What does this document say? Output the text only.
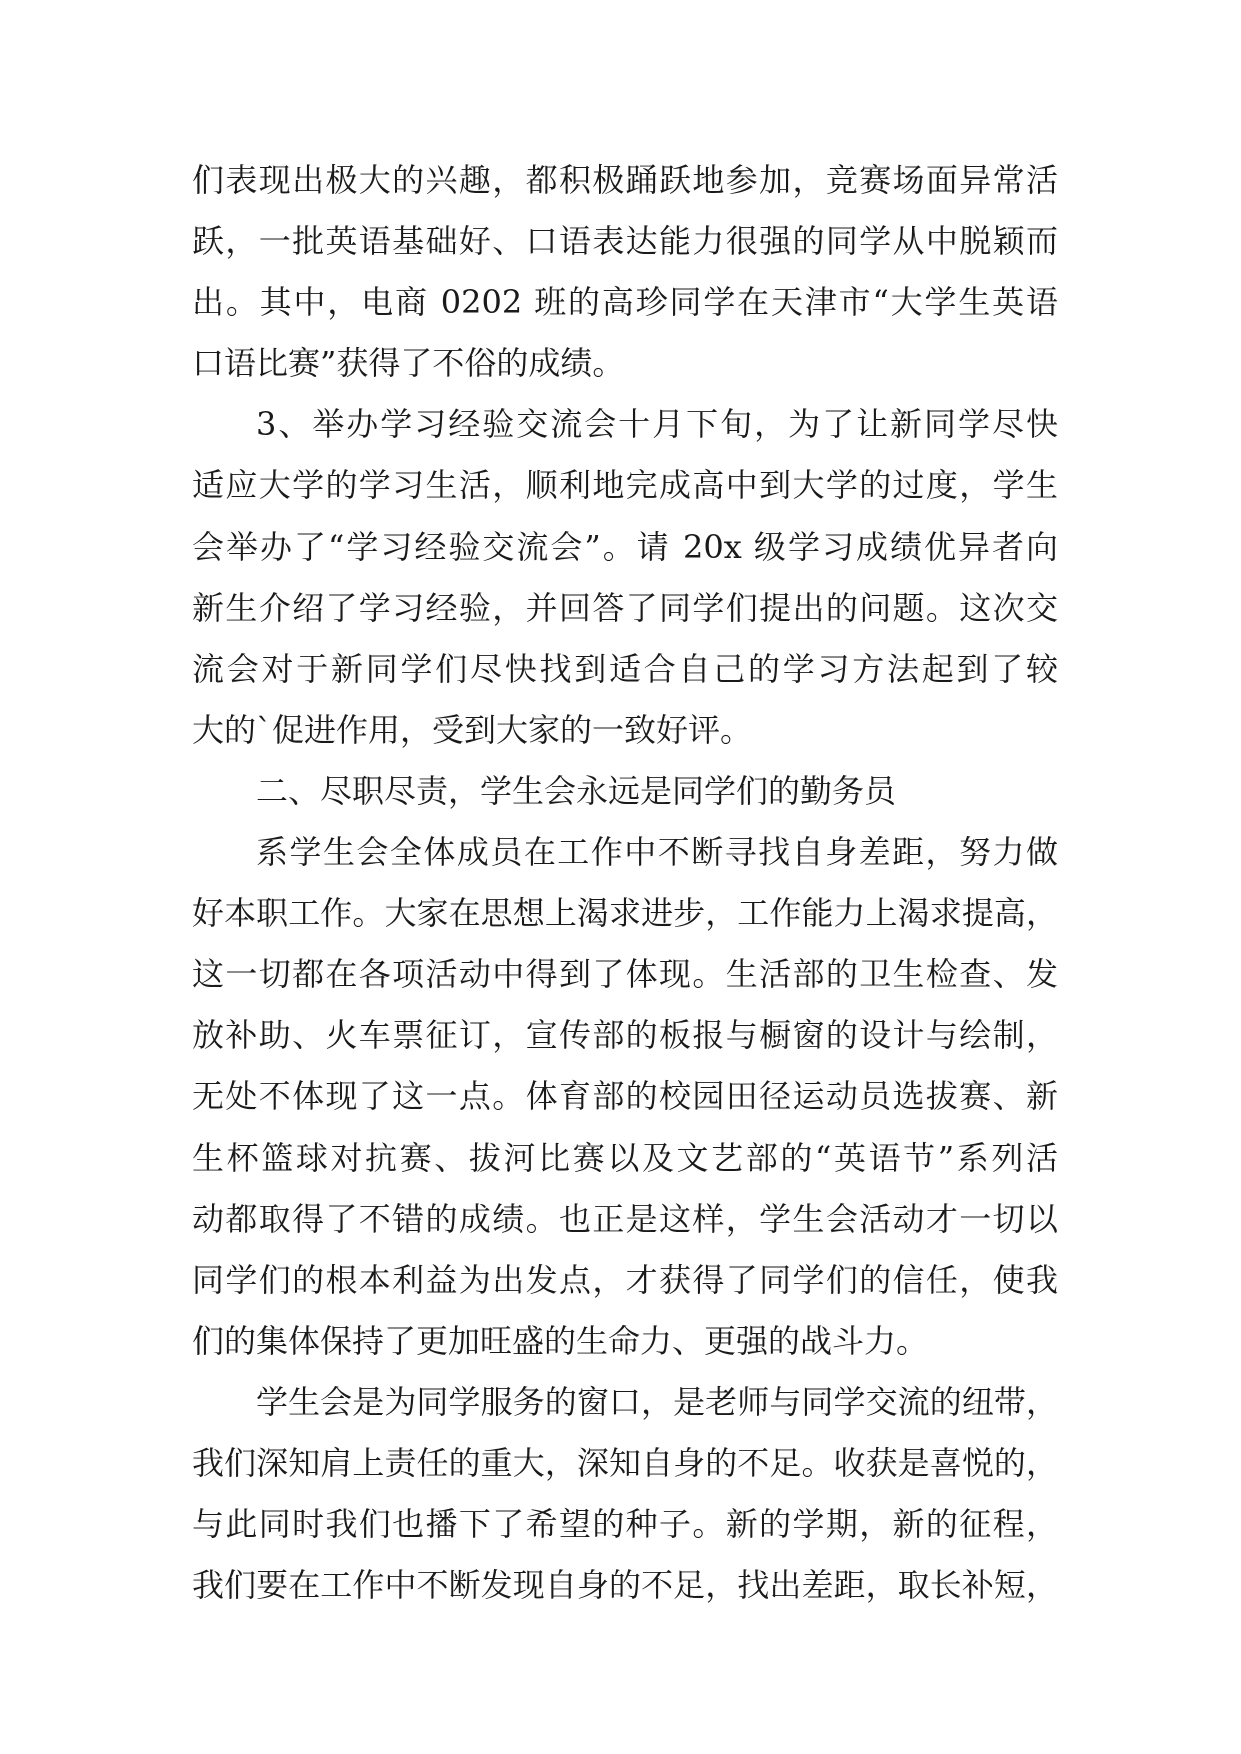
们表现出极大的兴趣，都积极踊跃地参加，竞赛场面异常活
跃，一批英语基础好、口语表达能力很强的同学从中脱颖而
出。其中，电商 0202 班的高珍同学在天津市“大学生英语
口语比赛”获得了不俗的成绩。
3、举办学习经验交流会十月下旬，为了让新同学尽快
适应大学的学习生活，顺利地完成高中到大学的过度，学生
会举办了“学习经验交流会”。请 20x 级学习成绩优异者向
新生介绍了学习经验，并回答了同学们提出的问题。这次交
流会对于新同学们尽快找到适合自己的学习方法起到了较
大的`促进作用，受到大家的一致好评。
二、尽职尽责，学生会永远是同学们的勤务员
系学生会全体成员在工作中不断寻找自身差距，努力做
好本职工作。大家在思想上渴求进步，工作能力上渴求提高，
这一切都在各项活动中得到了体现。生活部的卫生检查、发
放补助、火车票征订，宣传部的板报与橱窗的设计与绘制，
无处不体现了这一点。体育部的校园田径运动员选拔赛、新
生杯篮球对抗赛、拔河比赛以及文艺部的“英语节”系列活
动都取得了不错的成绩。也正是这样，学生会活动才一切以
同学们的根本利益为出发点，才获得了同学们的信任，使我
们的集体保持了更加旺盛的生命力、更强的战斗力。
学生会是为同学服务的窗口，是老师与同学交流的纽带，
我们深知肩上责任的重大，深知自身的不足。收获是喜悦的，
与此同时我们也播下了希望的种子。新的学期，新的征程，
我们要在工作中不断发现自身的不足，找出差距，取长补短，
